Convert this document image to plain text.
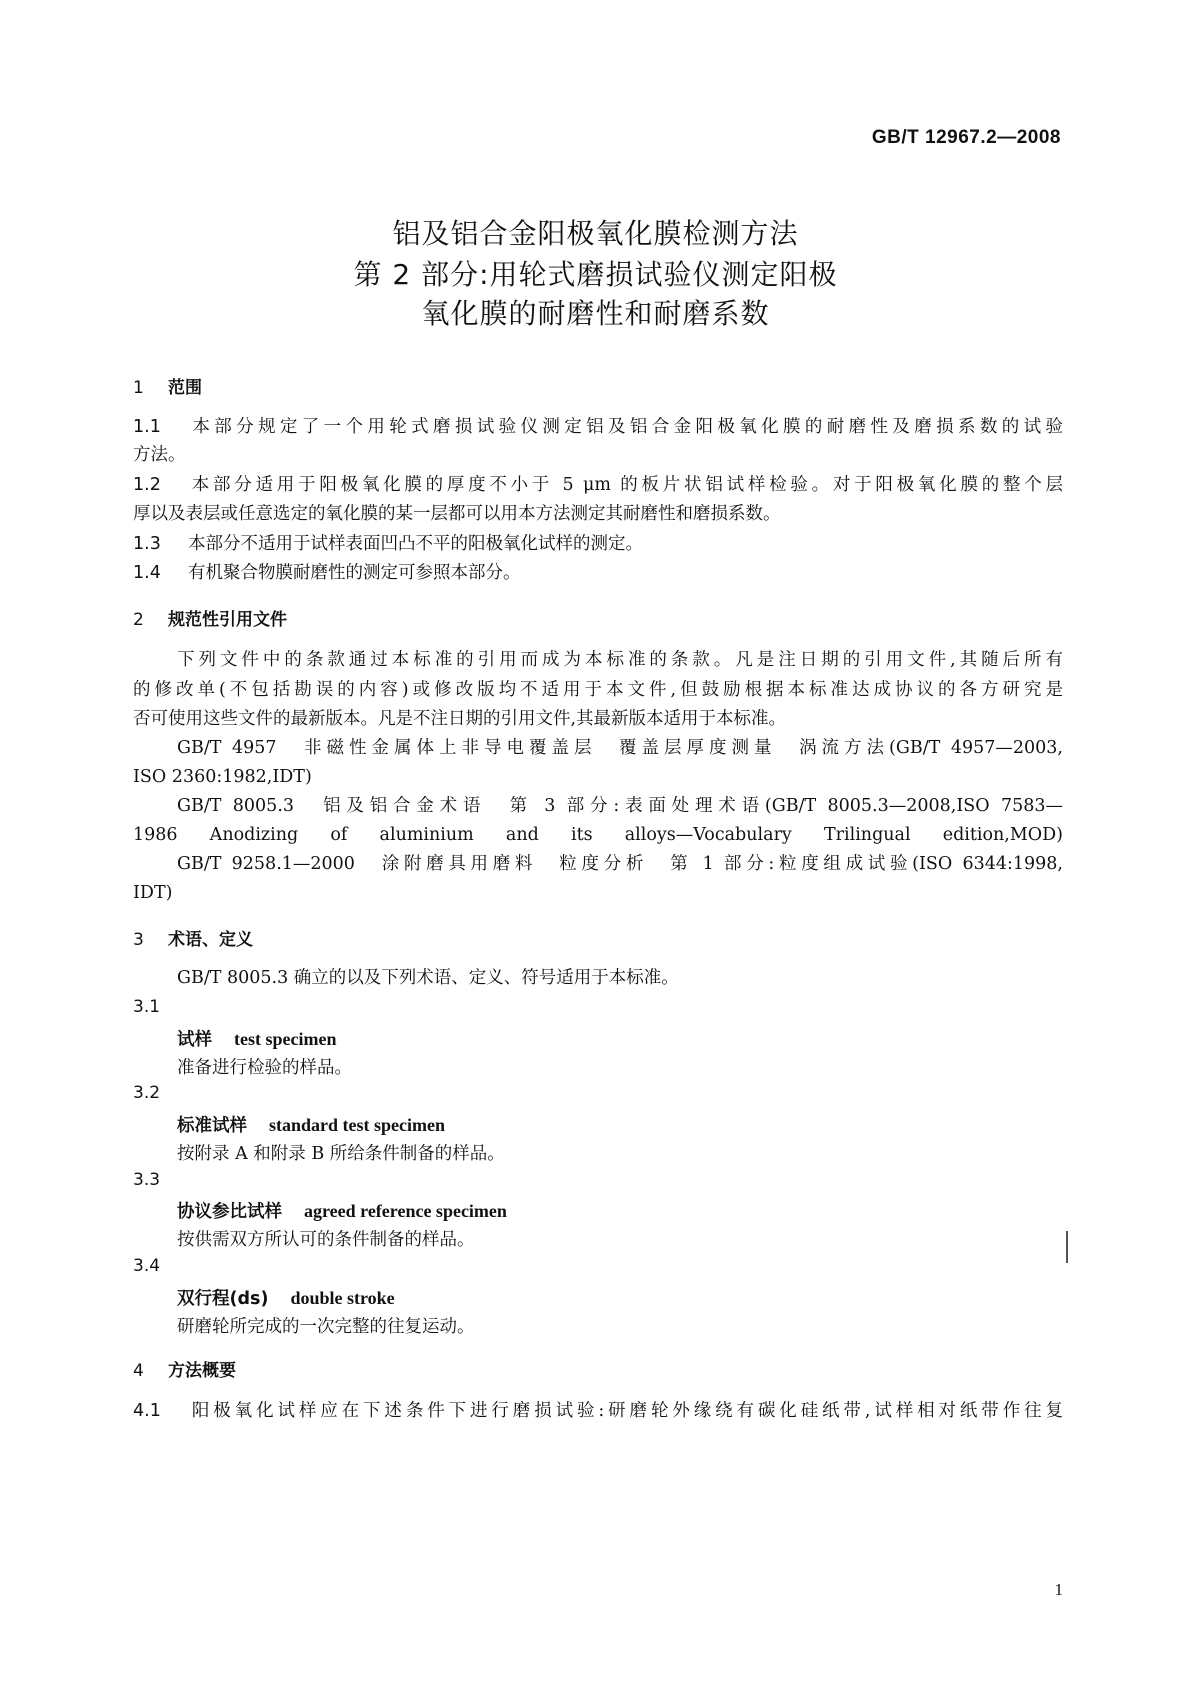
GB/T 12967.2—2008
铝及铝合金阳极氧化膜检测方法
第 2 部分:用轮式磨损试验仪测定阳极
氧化膜的耐磨性和耐磨系数
1 范围
1.1 本部分规定了一个用轮式磨损试验仪测定铝及铝合金阳极氧化膜的耐磨性及磨损系数的试验
方法。
1.2 本部分适用于阳极氧化膜的厚度不小于 5 μm 的板片状铝试样检验。对于阳极氧化膜的整个层
厚以及表层或任意选定的氧化膜的某一层都可以用本方法测定其耐磨性和磨损系数。
1.3 本部分不适用于试样表面凹凸不平的阳极氧化试样的测定。
1.4 有机聚合物膜耐磨性的测定可参照本部分。
2 规范性引用文件
下列文件中的条款通过本标准的引用而成为本标准的条款。凡是注日期的引用文件,其随后所有
的修改单(不包括勘误的内容)或修改版均不适用于本文件,但鼓励根据本标准达成协议的各方研究是
否可使用这些文件的最新版本。凡是不注日期的引用文件,其最新版本适用于本标准。
GB/T 4957　非磁性金属体上非导电覆盖层　覆盖层厚度测量　涡流方法(GB/T 4957—2003,
ISO 2360:1982,IDT)
GB/T 8005.3　铝及铝合金术语　第 3 部分:表面处理术语(GB/T 8005.3—2008,ISO 7583—
1986 Anodizing of aluminium and its alloys—Vocabulary Trilingual edition,MOD)
GB/T 9258.1—2000　涂附磨具用磨料　粒度分析　第 1 部分:粒度组成试验(ISO 6344:1998,
IDT)
3 术语、定义
GB/T 8005.3 确立的以及下列术语、定义、符号适用于本标准。
3.1
试样 test specimen
准备进行检验的样品。
3.2
标准试样 standard test specimen
按附录 A 和附录 B 所给条件制备的样品。
3.3
协议参比试样 agreed reference specimen
按供需双方所认可的条件制备的样品。
3.4
双行程(ds) double stroke
研磨轮所完成的一次完整的往复运动。
4 方法概要
4.1 阳极氧化试样应在下述条件下进行磨损试验:研磨轮外缘绕有碳化硅纸带,试样相对纸带作往复
1
